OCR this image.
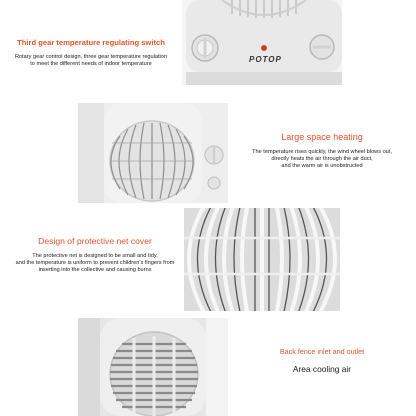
POTOP
Third gear temperature regulating switch
Rotary gear control design, three gear temperature regulation
to meet the different needs of indoor temperature
Large space heating
The temperature rises quickly, the wind wheel blows out,
directly heats the air through the air duct,
and the warm air is unobstructed
Design of protective net cover
The protective net is designed to be small and tidy,
and the temperature is uniform to prevent children's fingers from
inserting into the collective and causing burns
Back fence inlet and outlet
Area cooling air
